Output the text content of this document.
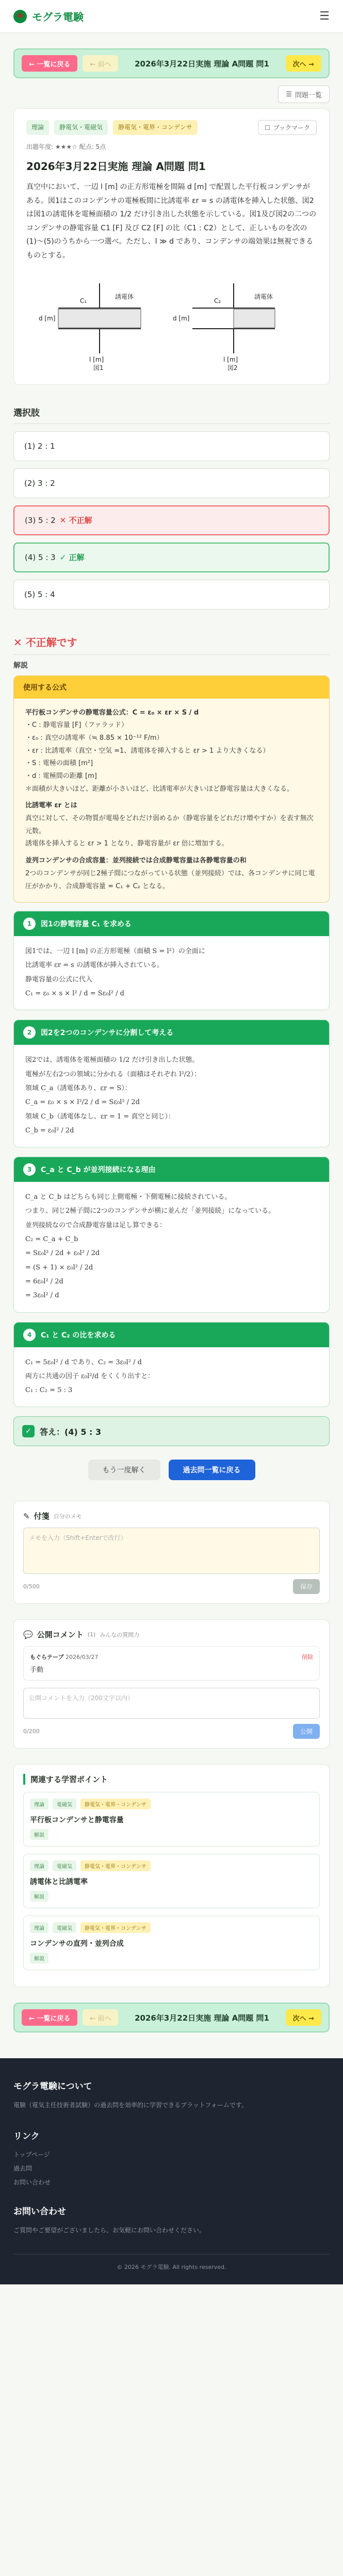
モグラ電験	☰
← 一覧に戻る	← 前へ	2026年3月22日実施 理論 A問題 問1	次へ →
☰ 問題一覧
理論	静電気・電磁気	静電気・電界・コンデンサ	☐ ブックマーク
出題年度: ★★★☆ 配点: 5点
2026年3月22日実施 理論 A問題 問1

真空中において、一辺 l [m] の正方形電極を間隔 d [m] で配置した平行板コンデンサがある。図1はこのコンデンサの電極板間に比誘電率 εr = s の誘電体を挿入した状態、図2は図1の誘電体を電極面積の 1/2 だけ引き出した状態を示している。図1及び図2の二つのコンデンサの静電容量 C1 [F] 及び C2 [F] の比（C1 : C2）として、正しいものを次の(1)〜(5)のうちから一つ選べ。ただし、l ≫ d であり、コンデンサの端効果は無視できるものとする。

C₁	C₂
誘電体	誘電体
d [m]	d [m]
l [m]	l [m]
図1	図2
選択肢
(1) 2 : 1
(2) 3 : 2
(3) 5 : 2 ✕ 不正解
(4) 5 : 3 ✓ 正解
(5) 5 : 4
✕ 不正解です
解説
使用する公式
平行板コンデンサの静電容量公式：C = ε₀ × εr × S / d
・C : 静電容量 [F]（ファラッド）
・ε₀ : 真空の誘電率（≒ 8.85 × 10⁻¹² F/m）
・εr : 比誘電率（真空・空気 =1、誘電体を挿入すると εr > 1 より大きくなる）
・S : 電極の面積 [m²]
・d : 電極間の距離 [m]
＊面積が大きいほど、距離が小さいほど、比誘電率が大きいほど静電容量は大きくなる。
比誘電率 εr とは
真空に対して、その物質が電場をどれだけ弱めるか（静電容量をどれだけ増やすか）を表す無次元数。
誘電体を挿入すると εr > 1 となり、静電容量が εr 倍に増加する。
並列コンデンサの合成容量：並列接続では合成静電容量は各静電容量の和
2つのコンデンサが同じ2極子間につながっている状態（並列接続）では、各コンデンサに同じ電圧がかかり、合成静電容量 = C₁ + C₂ となる。
1	図1の静電容量 C₁ を求める
図1では、一辺 l [m] の正方形電極（面積 S = l²）の全面に
比誘電率 εr = s の誘電体が挿入されている。
静電容量の公式に代入
C₁ = ε₀ × s × l² / d = Sε₀l² / d
2	図2を2つのコンデンサに分割して考える
図2では、誘電体を電極面積の 1/2 だけ引き出した状態。
電極が左右2つの領域に分かれる（面積はそれぞれ l²/2）：
領域 C_a（誘電体あり、εr = S）：
C_a = ε₀ × s × l²/2 / d = Sε₀l² / 2d
領域 C_b（誘電体なし、εr = 1 = 真空と同じ）：
C_b = ε₀l² / 2d
3	C_a と C_b が並列接続になる理由
C_a と C_b はどちらも同じ上側電極・下側電極に接続されている。
つまり、同じ2極子間に2つのコンデンサが横に並んだ「並列接続」になっている。
並列接続なので合成静電容量は足し算できる：
C₂ = C_a + C_b
= Sε₀l² / 2d + ε₀l² / 2d
= (S + 1) × ε₀l² / 2d
= 6ε₀l² / 2d
= 3ε₀l² / d
4	C₁ と C₂ の比を求める
C₁ = 5ε₀l² / d であり、C₂ = 3ε₀l² / d
両方に共通の因子 ε₀l²/d をくくり出すと：
C₁ : C₂ = 5 : 3
✓	答え：(4) 5 : 3
もう一度解く	過去問一覧に戻る
✎ 付箋 自分のメモ
メモを入力（Shift+Enterで改行）
0/500	保存
💬 公開コメント (1) みんなの質問力
もぐらテープ 2026/03/27	削除
手動
公開コメントを入力（200文字以内）
0/200	公開
関連する学習ポイント
理論	電磁気	静電気・電界・コンデンサ
平行板コンデンサと静電容量
解説
理論	電磁気	静電気・電界・コンデンサ
誘電体と比誘電率
解説
理論	電磁気	静電気・電界・コンデンサ
コンデンサの直列・並列合成
解説
← 一覧に戻る	← 前へ	2026年3月22日実施 理論 A問題 問1	次へ →
モグラ電験について

電験（電気主任技術者試験）の過去問を効率的に学習できるプラットフォームです。

リンク
トップページ
過去問
お問い合わせ
お問い合わせ

ご質問やご要望がございましたら、お気軽にお問い合わせください。

© 2026 モグラ電験. All rights reserved.
